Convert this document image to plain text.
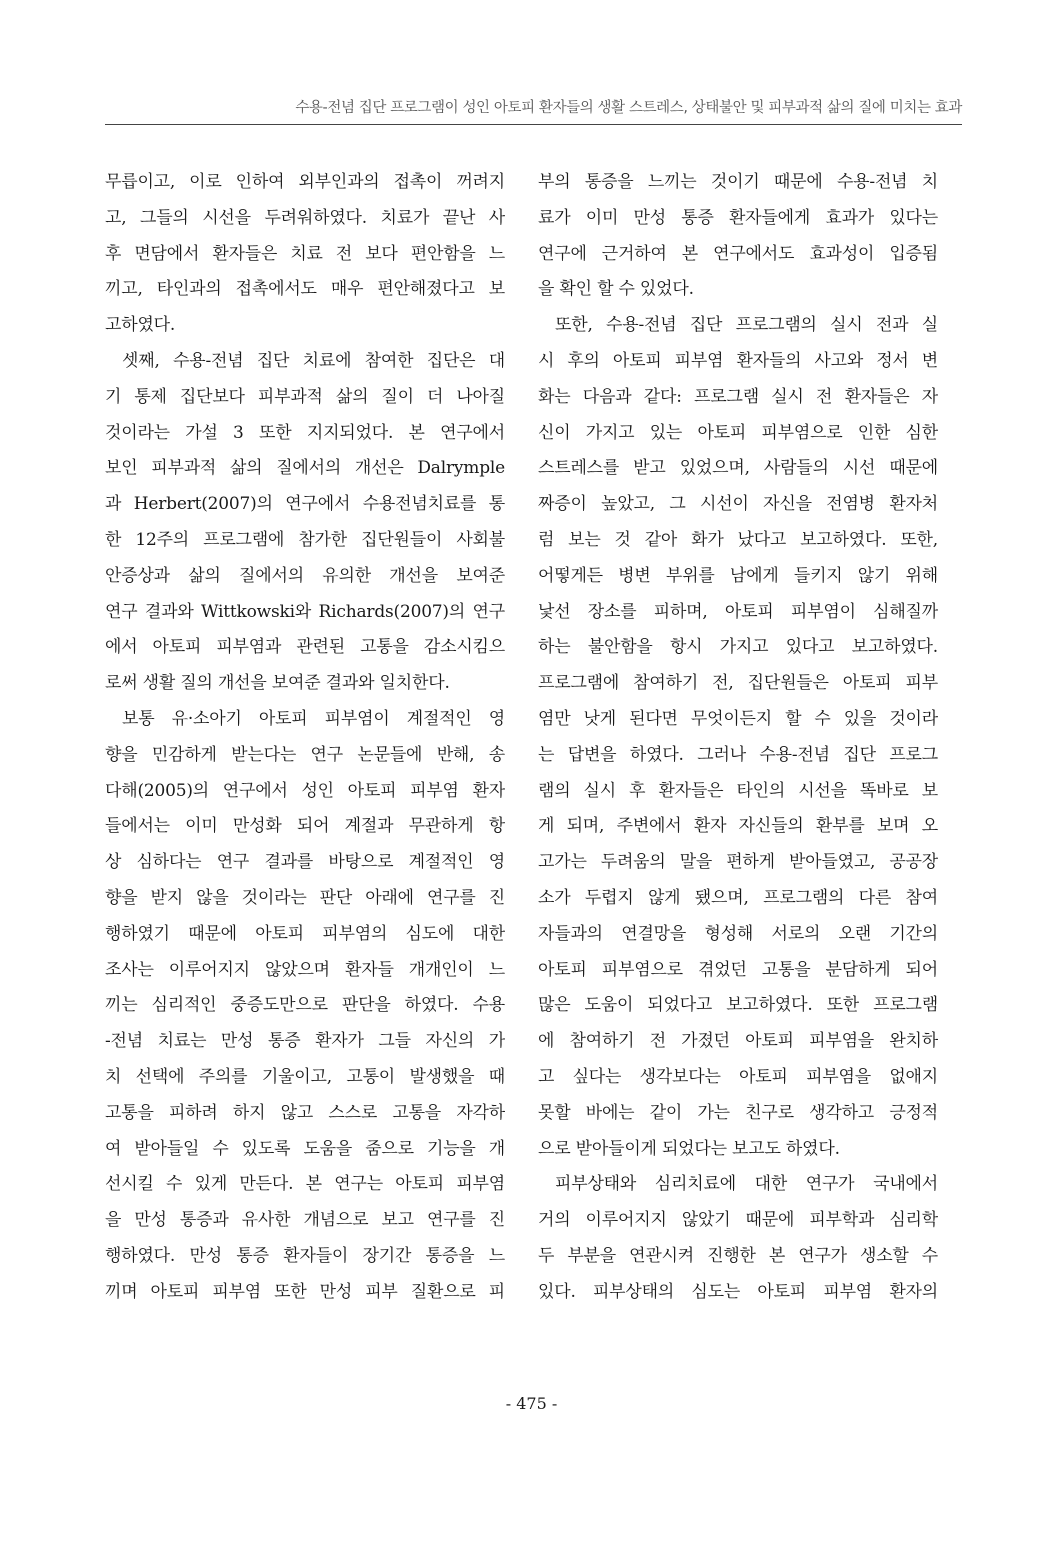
수용-전념 집단 프로그램이 성인 아토피 환자들의 생활 스트레스, 상태불안 및 피부과적 삶의 질에 미치는 효과
무릅이고, 이로 인하여 외부인과의 접촉이 꺼려지
고, 그들의 시선을 두려워하였다. 치료가 끝난 사
후 면담에서 환자들은 치료 전 보다 편안함을 느
끼고, 타인과의 접촉에서도 매우 편안해졌다고 보
고하였다.
셋째, 수용-전념 집단 치료에 참여한 집단은 대
기 통제 집단보다 피부과적 삶의 질이 더 나아질
것이라는 가설 3 또한 지지되었다. 본 연구에서
보인 피부과적 삶의 질에서의 개선은 Dalrymple
과 Herbert(2007)의 연구에서 수용전념치료를 통
한 12주의 프로그램에 참가한 집단원들이 사회불
안증상과 삶의 질에서의 유의한 개선을 보여준
연구 결과와 Wittkowski와 Richards(2007)의 연구
에서 아토피 피부염과 관련된 고통을 감소시킴으
로써 생활 질의 개선을 보여준 결과와 일치한다.
보통 유·소아기 아토피 피부염이 계절적인 영
향을 민감하게 받는다는 연구 논문들에 반해, 송
다해(2005)의 연구에서 성인 아토피 피부염 환자
들에서는 이미 만성화 되어 계절과 무관하게 항
상 심하다는 연구 결과를 바탕으로 계절적인 영
향을 받지 않을 것이라는 판단 아래에 연구를 진
행하였기 때문에 아토피 피부염의 심도에 대한
조사는 이루어지지 않았으며 환자들 개개인이 느
끼는 심리적인 중증도만으로 판단을 하였다. 수용
-전념 치료는 만성 통증 환자가 그들 자신의 가
치 선택에 주의를 기울이고, 고통이 발생했을 때
고통을 피하려 하지 않고 스스로 고통을 자각하
여 받아들일 수 있도록 도움을 줌으로 기능을 개
선시킬 수 있게 만든다. 본 연구는 아토피 피부염
을 만성 통증과 유사한 개념으로 보고 연구를 진
행하였다. 만성 통증 환자들이 장기간 통증을 느
끼며 아토피 피부염 또한 만성 피부 질환으로 피
부의 통증을 느끼는 것이기 때문에 수용-전념 치
료가 이미 만성 통증 환자들에게 효과가 있다는
연구에 근거하여 본 연구에서도 효과성이 입증됨
을 확인 할 수 있었다.
또한, 수용-전념 집단 프로그램의 실시 전과 실
시 후의 아토피 피부염 환자들의 사고와 정서 변
화는 다음과 같다: 프로그램 실시 전 환자들은 자
신이 가지고 있는 아토피 피부염으로 인한 심한
스트레스를 받고 있었으며, 사람들의 시선 때문에
짜증이 높았고, 그 시선이 자신을 전염병 환자처
럼 보는 것 같아 화가 났다고 보고하였다. 또한,
어떻게든 병변 부위를 남에게 들키지 않기 위해
낯선 장소를 피하며, 아토피 피부염이 심해질까
하는 불안함을 항시 가지고 있다고 보고하였다.
프로그램에 참여하기 전, 집단원들은 아토피 피부
염만 낫게 된다면 무엇이든지 할 수 있을 것이라
는 답변을 하였다. 그러나 수용-전념 집단 프로그
램의 실시 후 환자들은 타인의 시선을 똑바로 보
게 되며, 주변에서 환자 자신들의 환부를 보며 오
고가는 두려움의 말을 편하게 받아들였고, 공공장
소가 두렵지 않게 됐으며, 프로그램의 다른 참여
자들과의 연결망을 형성해 서로의 오랜 기간의
아토피 피부염으로 겪었던 고통을 분담하게 되어
많은 도움이 되었다고 보고하였다. 또한 프로그램
에 참여하기 전 가졌던 아토피 피부염을 완치하
고 싶다는 생각보다는 아토피 피부염을 없애지
못할 바에는 같이 가는 친구로 생각하고 긍정적
으로 받아들이게 되었다는 보고도 하였다.
피부상태와 심리치료에 대한 연구가 국내에서
거의 이루어지지 않았기 때문에 피부학과 심리학
두 부분을 연관시켜 진행한 본 연구가 생소할 수
있다. 피부상태의 심도는 아토피 피부염 환자의
- 475 -
